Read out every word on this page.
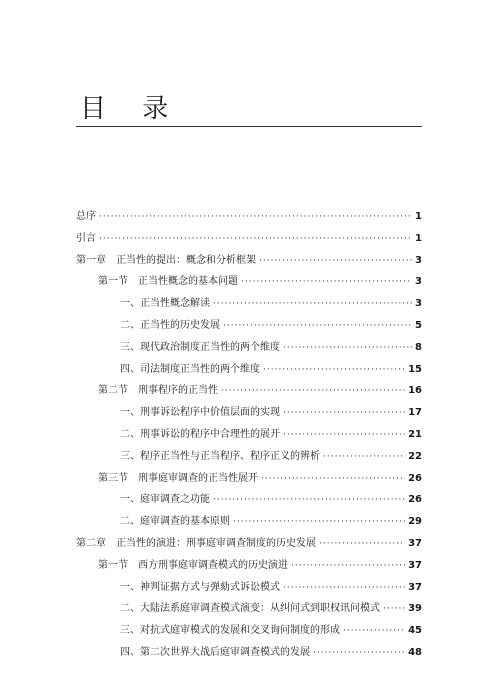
目 录
总序 ·····	1
引言 ·····	1
第一章　正当性的提出：概念和分析框架 ·····	3
第一节　正当性概念的基本问题 ·····	3
一、正当性概念解读 ·····	3
二、正当性的历史发展 ·····	5
三、现代政治制度正当性的两个维度 ·····	8
四、司法制度正当性的两个维度 ·····	15
第二节　刑事程序的正当性 ·····	16
一、刑事诉讼程序中价值层面的实现 ·····	17
二、刑事诉讼的程序中合理性的展开 ·····	21
三、程序正当性与正当程序、程序正义的辨析 ·····	22
第三节　刑事庭审调查的正当性展开 ·····	26
一、庭审调查之功能 ·····	26
二、庭审调查的基本原则 ·····	29
第二章　正当性的演进：刑事庭审调查制度的历史发展 ·····	37
第一节　西方刑事庭审调查模式的历史演进 ·····	37
一、神判证据方式与弹劾式诉讼模式 ·····	37
二、大陆法系庭审调查模式演变：从纠问式到职权讯问模式 ·····	39
三、对抗式庭审模式的发展和交叉询问制度的形成 ·····	45
四、第二次世界大战后庭审调查模式的发展 ·····	48
